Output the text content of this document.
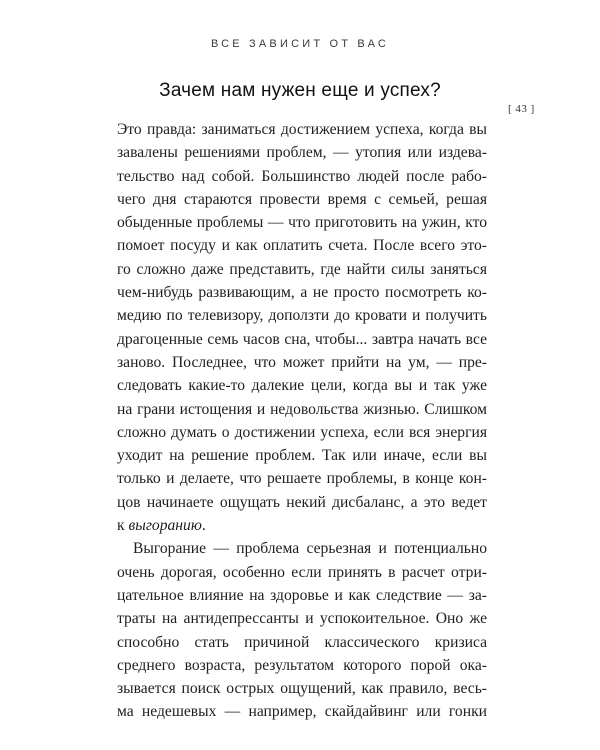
ВСЕ ЗАВИСИТ ОТ ВАС
Зачем нам нужен еще и успех?
[ 43 ]
Это правда: заниматься достижением успеха, когда вы
завалены решениями проблем, — утопия или издева-
тельство над собой. Большинство людей после рабо-
чего дня стараются провести время с семьей, решая
обыденные проблемы — что приготовить на ужин, кто
помоет посуду и как оплатить счета. После всего это-
го сложно даже представить, где найти силы заняться
чем-нибудь развивающим, а не просто посмотреть ко-
медию по телевизору, доползти до кровати и получить
драгоценные семь часов сна, чтобы... завтра начать все
заново. Последнее, что может прийти на ум, — пре-
следовать какие-то далекие цели, когда вы и так уже
на грани истощения и недовольства жизнью. Слишком
сложно думать о достижении успеха, если вся энергия
уходит на решение проблем. Так или иначе, если вы
только и делаете, что решаете проблемы, в конце кон-
цов начинаете ощущать некий дисбаланс, а это ведет
к выгоранию.
Выгорание — проблема серьезная и потенциально
очень дорогая, особенно если принять в расчет отри-
цательное влияние на здоровье и как следствие — за-
траты на антидепрессанты и успокоительное. Оно же
способно стать причиной классического кризиса
среднего возраста, результатом которого порой ока-
зывается поиск острых ощущений, как правило, весь-
ма недешевых — например, скайдайвинг или гонки
